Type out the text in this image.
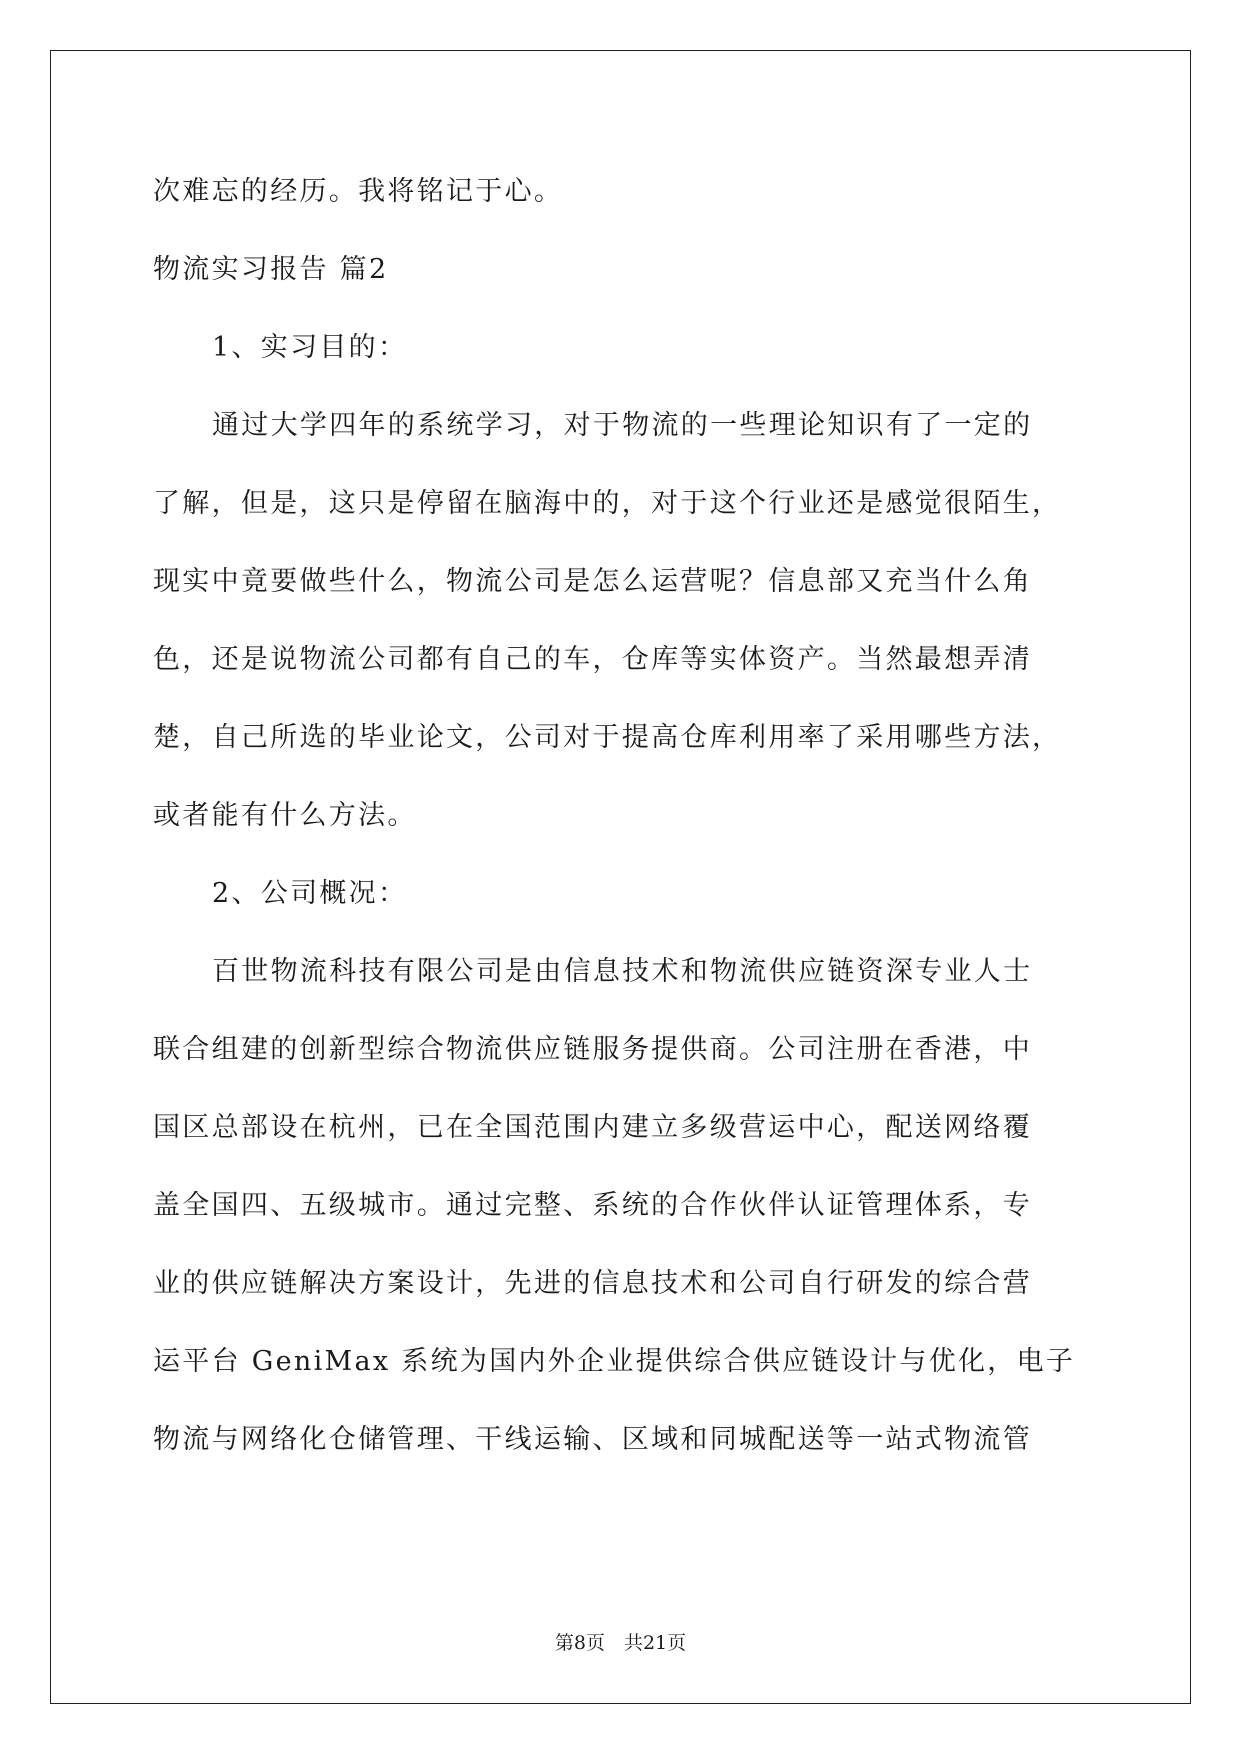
次难忘的经历。我将铭记于心。
物流实习报告 篇2
1、实习目的：
通过大学四年的系统学习，对于物流的一些理论知识有了一定的
了解，但是，这只是停留在脑海中的，对于这个行业还是感觉很陌生，
现实中竟要做些什么，物流公司是怎么运营呢？信息部又充当什么角
色，还是说物流公司都有自己的车，仓库等实体资产。当然最想弄清
楚，自己所选的毕业论文，公司对于提高仓库利用率了采用哪些方法，
或者能有什么方法。
2、公司概况：
百世物流科技有限公司是由信息技术和物流供应链资深专业人士
联合组建的创新型综合物流供应链服务提供商。公司注册在香港，中
国区总部设在杭州，已在全国范围内建立多级营运中心，配送网络覆
盖全国四、五级城市。通过完整、系统的合作伙伴认证管理体系，专
业的供应链解决方案设计，先进的信息技术和公司自行研发的综合营
运平台 GeniMax 系统为国内外企业提供综合供应链设计与优化，电子
物流与网络化仓储管理、干线运输、区域和同城配送等一站式物流管
第8页　共21页
